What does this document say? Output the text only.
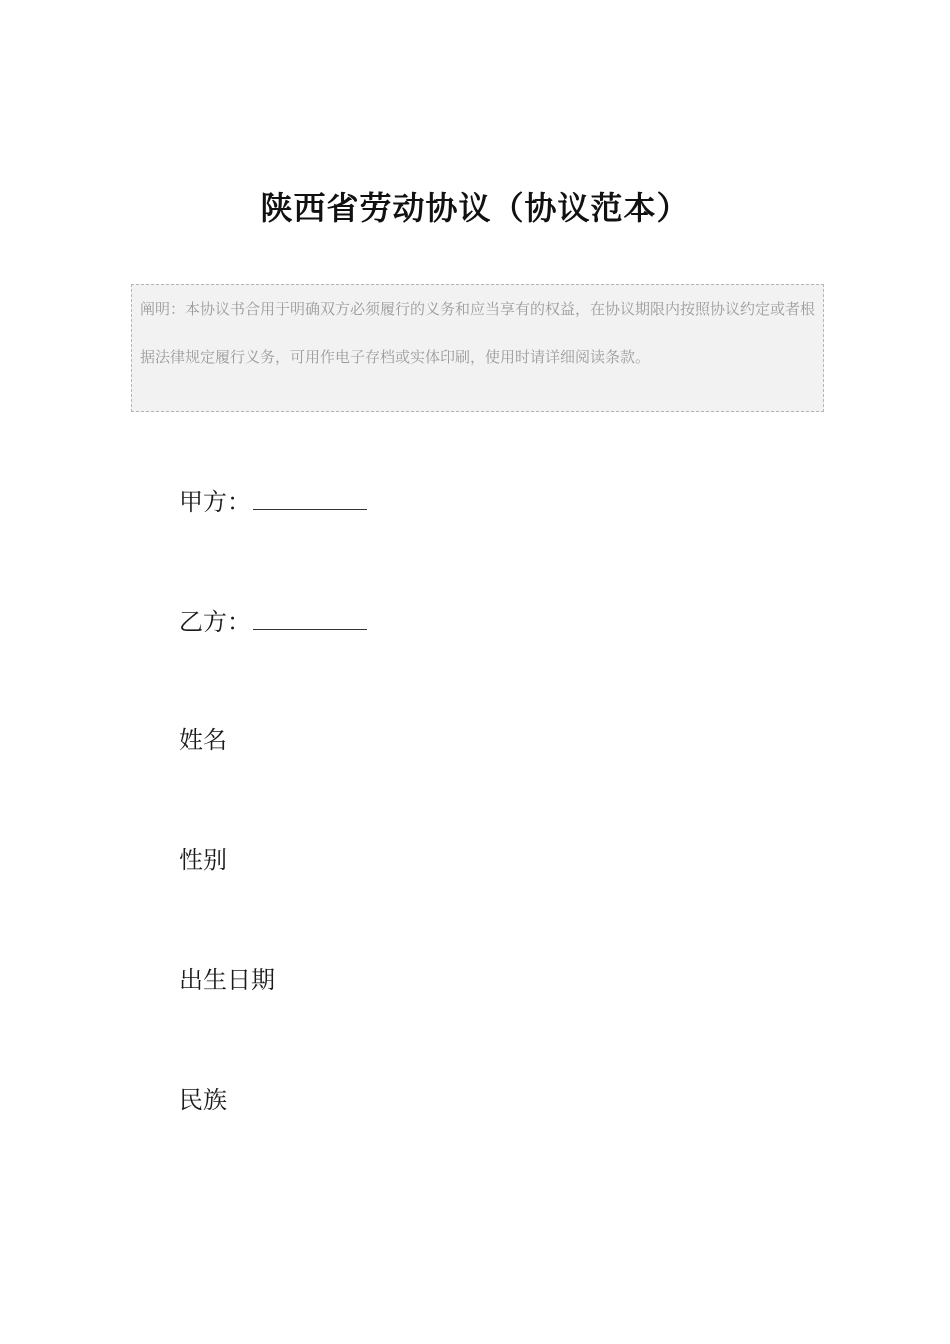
陕西省劳动协议（协议范本）

阐明：本协议书合用于明确双方必须履行的义务和应当享有的权益，在协议期限内按照协议约定或者根据法律规定履行义务，可用作电子存档或实体印刷，使用时请详细阅读条款。

甲方：
乙方：
姓名
性别
出生日期
民族
